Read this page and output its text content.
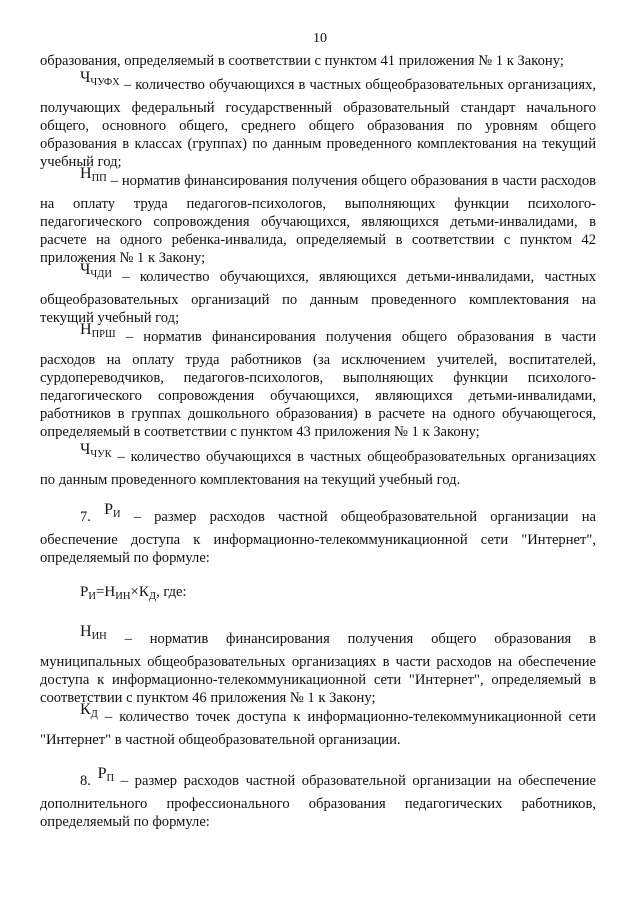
10
образования, определяемый в соответствии с пунктом 41 приложения № 1 к Закону;
$Ч_{ЧУФХ}$ – количество обучающихся в частных общеобразовательных организациях, получающих федеральный государственный образовательный стандарт начального общего, основного общего, среднего общего образования по уровням общего образования в классах (группах) по данным проведенного комплектования на текущий учебный год;
$Н_{ПП}$ – норматив финансирования получения общего образования в части расходов на оплату труда педагогов-психологов, выполняющих функции психолого-педагогического сопровождения обучающихся, являющихся детьми-инвалидами, в расчете на одного ребенка-инвалида, определяемый в соответствии с пунктом 42 приложения № 1 к Закону;
$Ч_{ЧДИ}$ – количество обучающихся, являющихся детьми-инвалидами, частных общеобразовательных организаций по данным проведенного комплектования на текущий учебный год;
$Н_{ПРШ}$ – норматив финансирования получения общего образования в части расходов на оплату труда работников (за исключением учителей, воспитателей, сурдопереводчиков, педагогов-психологов, выполняющих функции психолого-педагогического сопровождения обучающихся, являющихся детьми-инвалидами, работников в группах дошкольного образования) в расчете на одного обучающегося, определяемый в соответствии с пунктом 43 приложения № 1 к Закону;
$Ч_{ЧУК}$ – количество обучающихся в частных общеобразовательных организациях по данным проведенного комплектования на текущий учебный год.
7. $Р_И$ – размер расходов частной общеобразовательной организации на обеспечение доступа к информационно-телекоммуникационной сети "Интернет", определяемый по формуле:
$Р_И=Н_{ИН}\times К_Д$, где:
$Н_{ИН}$ – норматив финансирования получения общего образования в муниципальных общеобразовательных организациях в части расходов на обеспечение доступа к информационно-телекоммуникационной сети "Интернет", определяемый в соответствии с пунктом 46 приложения № 1 к Закону;
$К_Д$ – количество точек доступа к информационно-телекоммуникационной сети "Интернет" в частной общеобразовательной организации.
8. $Р_П$ – размер расходов частной образовательной организации на обеспечение дополнительного профессионального образования педагогических работников, определяемый по формуле:
